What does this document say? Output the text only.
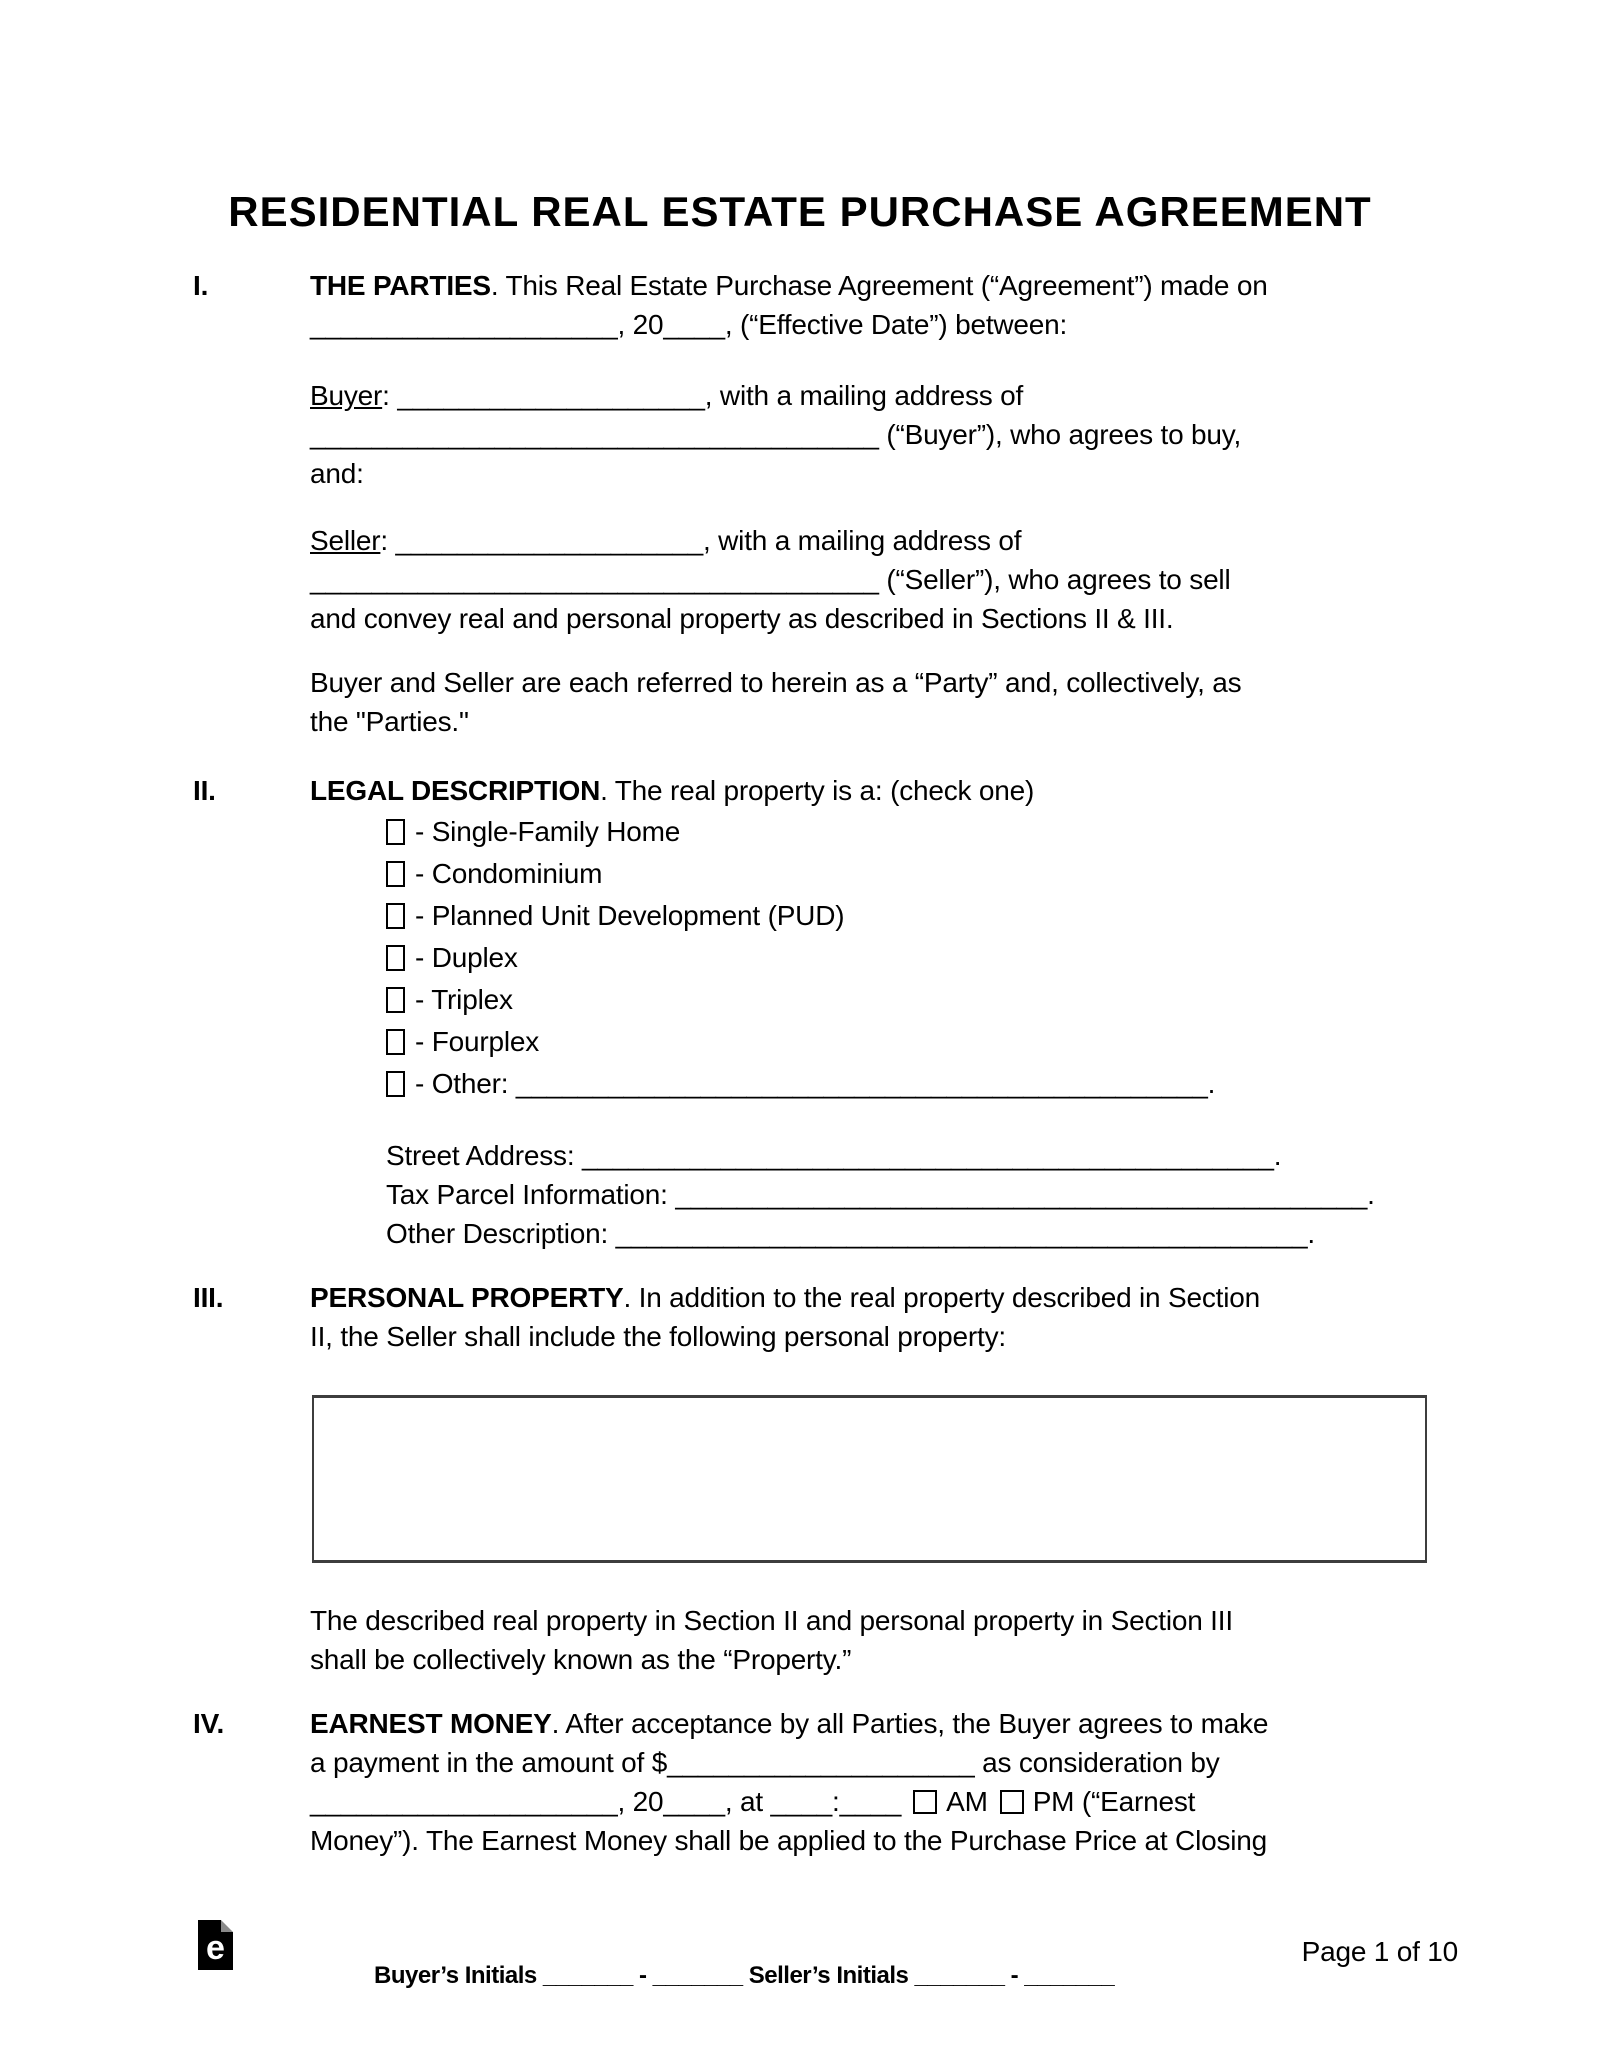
RESIDENTIAL REAL ESTATE PURCHASE AGREEMENT
I.	THE PARTIES. This Real Estate Purchase Agreement (“Agreement”) made on
____________________, 20____, (“Effective Date”) between:
Buyer: ____________________, with a mailing address of
_____________________________________ (“Buyer”), who agrees to buy,
and:
Seller: ____________________, with a mailing address of
_____________________________________ (“Seller”), who agrees to sell
and convey real and personal property as described in Sections II & III.
Buyer and Seller are each referred to herein as a “Party” and, collectively, as
the "Parties."
II.	LEGAL DESCRIPTION. The real property is a: (check one)
- Single-Family Home
- Condominium
- Planned Unit Development (PUD)
- Duplex
- Triplex
- Fourplex
- Other: _____________________________________________.
Street Address: _____________________________________________.
Tax Parcel Information: _____________________________________________.
Other Description: _____________________________________________.
III.	PERSONAL PROPERTY. In addition to the real property described in Section
II, the Seller shall include the following personal property:
The described real property in Section II and personal property in Section III
shall be collectively known as the “Property.”
IV.	EARNEST MONEY. After acceptance by all Parties, the Buyer agrees to make
a payment in the amount of $____________________ as consideration by
____________________, 20____, at ____:____ AM PM (“Earnest
Money”). The Earnest Money shall be applied to the Purchase Price at Closing
e
Buyer’s Initials _______ - _______ Seller’s Initials _______ - _______
Page 1 of 10
